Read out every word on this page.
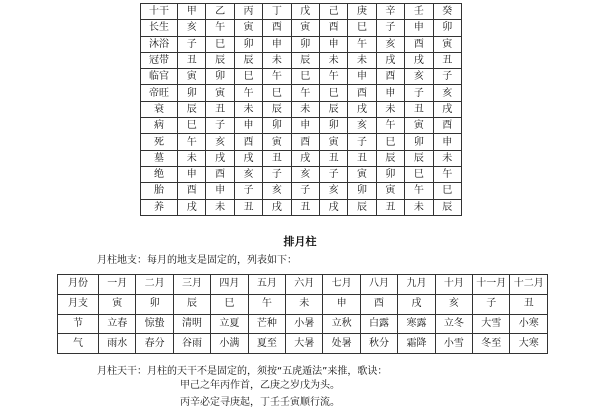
十干	甲	乙	丙	丁	戊	己	庚	辛	壬	癸
长生	亥	午	寅	酉	寅	酉	巳	子	申	卯
沐浴	子	巳	卯	申	卯	申	午	亥	酉	寅
冠带	丑	辰	辰	未	辰	未	未	戌	戌	丑
临官	寅	卯	巳	午	巳	午	申	酉	亥	子
帝旺	卯	寅	午	巳	午	巳	酉	申	子	亥
衰	辰	丑	未	辰	未	辰	戌	未	丑	戌
病	巳	子	申	卯	申	卯	亥	午	寅	酉
死	午	亥	酉	寅	酉	寅	子	巳	卯	申
墓	未	戌	戌	丑	戌	丑	丑	辰	辰	未
绝	申	酉	亥	子	亥	子	寅	卯	巳	午
胎	酉	申	子	亥	子	亥	卯	寅	午	巳
养	戌	未	丑	戌	丑	戌	辰	丑	未	辰
排月柱
月柱地支：每月的地支是固定的，列表如下：
月份	一月	二月	三月	四月	五月	六月	七月	八月	九月	十月	十一月	十二月
月支	寅	卯	辰	巳	午	未	申	酉	戌	亥	子	丑
节	立春	惊蛰	清明	立夏	芒种	小暑	立秋	白露	寒露	立冬	大雪	小寒
气	雨水	春分	谷雨	小满	夏至	大暑	处暑	秋分	霜降	小雪	冬至	大寒
月柱天干：月柱的天干不是固定的，须按“五虎遁法”来推，歌诀：
甲己之年丙作首，乙庚之岁戊为头。
丙辛必定寻庚起，丁壬壬寅顺行流。
